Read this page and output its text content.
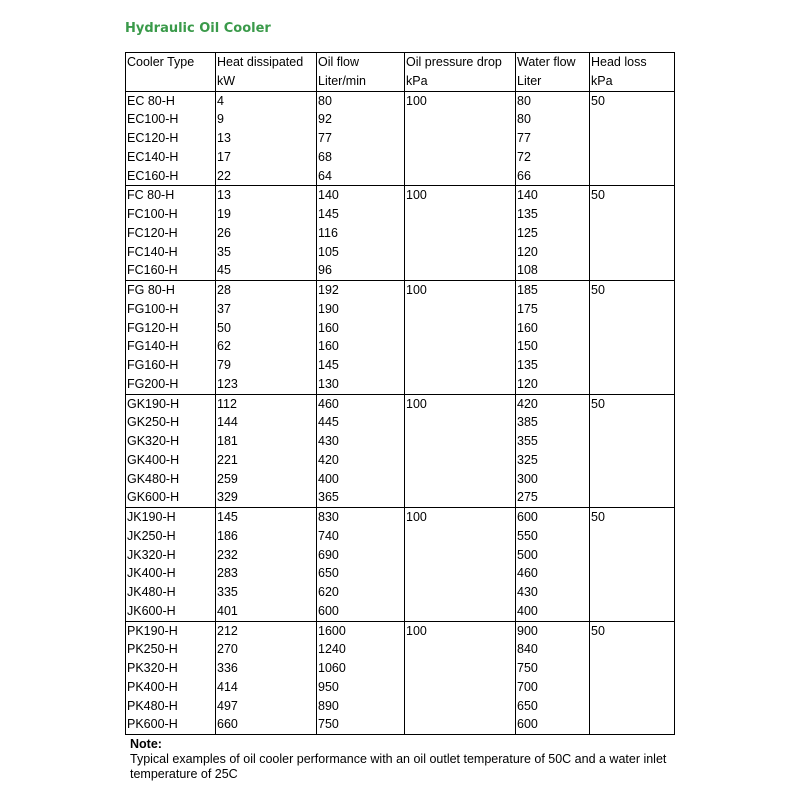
Hydraulic Oil Cooler
Cooler Type	Heat dissipated	Oil flow	Oil pressure drop	Water flow	Head loss
	kW	Liter/min	kPa	Liter	kPa
EC 80-H	4	80	100	80	50
EC100-H	9	92		80	
EC120-H	13	77		77	
EC140-H	17	68		72	
EC160-H	22	64		66	
FC 80-H	13	140	100	140	50
FC100-H	19	145		135	
FC120-H	26	116		125	
FC140-H	35	105		120	
FC160-H	45	96		108	
FG 80-H	28	192	100	185	50
FG100-H	37	190		175	
FG120-H	50	160		160	
FG140-H	62	160		150	
FG160-H	79	145		135	
FG200-H	123	130		120	
GK190-H	112	460	100	420	50
GK250-H	144	445		385	
GK320-H	181	430		355	
GK400-H	221	420		325	
GK480-H	259	400		300	
GK600-H	329	365		275	
JK190-H	145	830	100	600	50
JK250-H	186	740		550	
JK320-H	232	690		500	
JK400-H	283	650		460	
JK480-H	335	620		430	
JK600-H	401	600		400	
PK190-H	212	1600	100	900	50
PK250-H	270	1240		840	
PK320-H	336	1060		750	
PK400-H	414	950		700	
PK480-H	497	890		650	
PK600-H	660	750		600	
Note:
Typical examples of oil cooler performance with an oil outlet temperature of 50C and a water inlet temperature of 25C
